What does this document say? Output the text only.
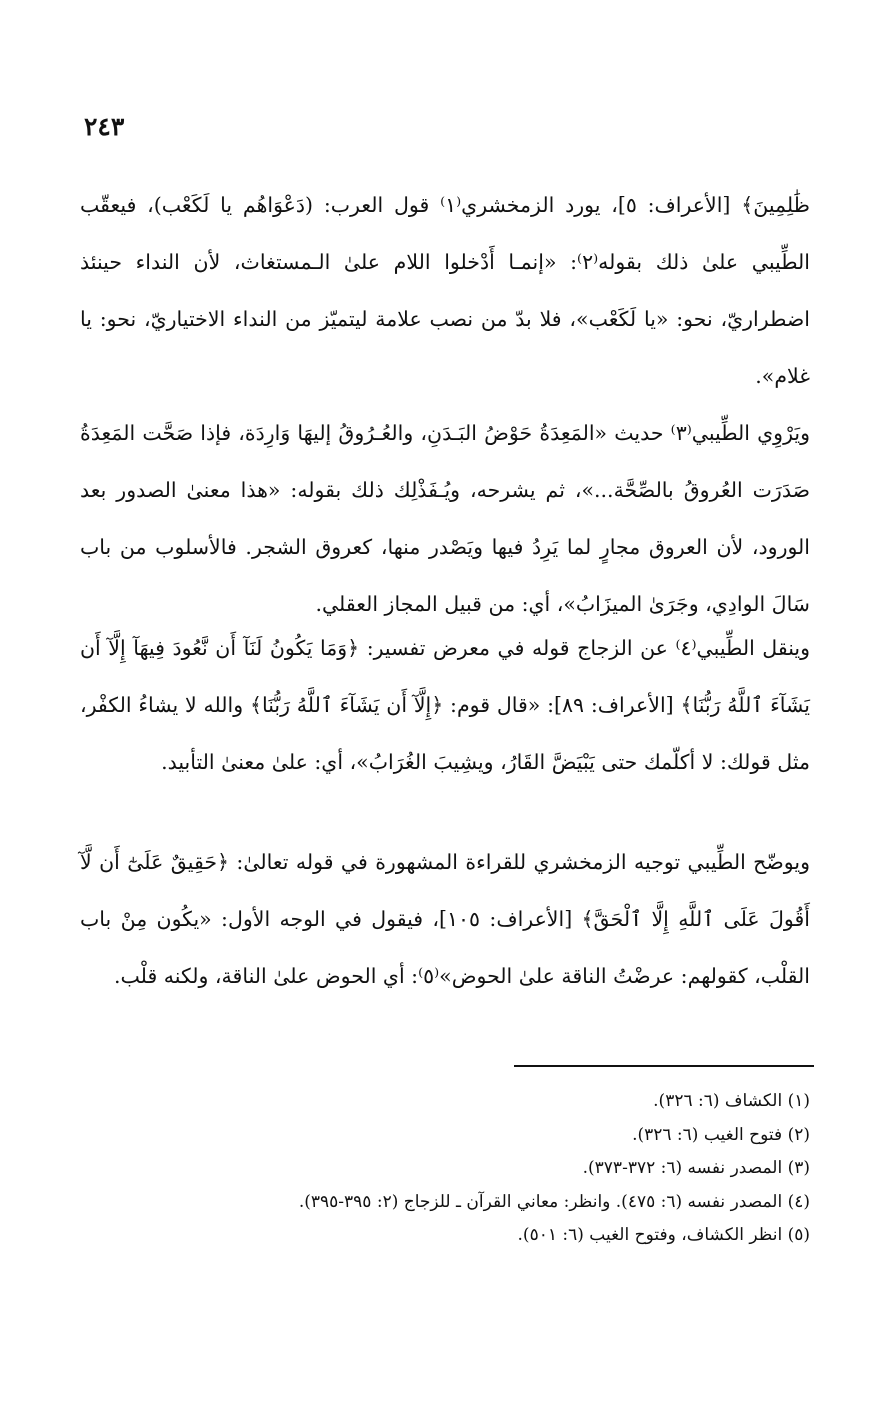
٢٤٣

ظَٰلِمِينَ﴾ [الأعراف: ٥]، يورد الزمخشري⁽١⁾ قول العرب: (دَعْوَاهُم يا لَكَعْب)، فيعقّب الطِّيبي علىٰ ذلك بقوله⁽٢⁾: «إنمـا أَدْخلوا اللام علىٰ الـمستغاث، لأن النداء حينئذ اضطراريّ، نحو: «يا لَكَعْب»، فلا بدّ من نصب علامة ليتميّز من النداء الاختياريّ، نحو: يا غلام».

ويَرْوِي الطِّيبي⁽٣⁾ حديث «المَعِدَةُ حَوْضُ البَـدَنِ، والعُـرُوقُ إليهَا وَارِدَة، فإذا صَحَّت المَعِدَةُ صَدَرَت العُروقُ بالصِّحَّة...»، ثم يشرحه، ويُـفَذْلِك ذلك بقوله: «هذا معنىٰ الصدور بعد الورود، لأن العروق مجارٍ لما يَرِدُ فيها ويَصْدر منها، كعروق الشجر. فالأسلوب من باب سَالَ الوادِي، وجَرَىٰ الميزَابُ»، أي: من قبيل المجاز العقلي.

وينقل الطِّيبي⁽٤⁾ عن الزجاج قوله في معرض تفسير: ﴿وَمَا يَكُونُ لَنَآ أَن نَّعُودَ فِيهَآ إِلَّآ أَن يَشَآءَ ٱللَّهُ رَبُّنَا﴾ [الأعراف: ٨٩]: «قال قوم: ﴿إِلَّآ أَن يَشَآءَ ٱللَّهُ رَبُّنَا﴾ والله لا يشاءُ الكفْر، مثل قولك: لا أكلّمك حتى يَبْيَضَّ القَارُ، ويشِيبَ الغُرَابُ»، أي: علىٰ معنىٰ التأبيد.

ويوضّح الطِّيبي توجيه الزمخشري للقراءة المشهورة في قوله تعالىٰ: ﴿حَقِيقٌ عَلَىٰٓ أَن لَّآ أَقُولَ عَلَى ٱللَّهِ إِلَّا ٱلْحَقَّ﴾ [الأعراف: ١٠٥]، فيقول في الوجه الأول: «يكُون مِنْ باب القلْب، كقولهم: عرضْتُ الناقة علىٰ الحوض»⁽٥⁾: أي الحوض علىٰ الناقة، ولكنه قلْب.

(١) الكشاف (٦: ٣٢٦).
(٢) فتوح الغيب (٦: ٣٢٦).
(٣) المصدر نفسه (٦: ٣٧٢-٣٧٣).
(٤) المصدر نفسه (٦: ٤٧٥). وانظر: معاني القرآن ـ للزجاج (٢: ٣٩٥-٣٩٥).
(٥) انظر الكشاف، وفتوح الغيب (٦: ٥٠١).
